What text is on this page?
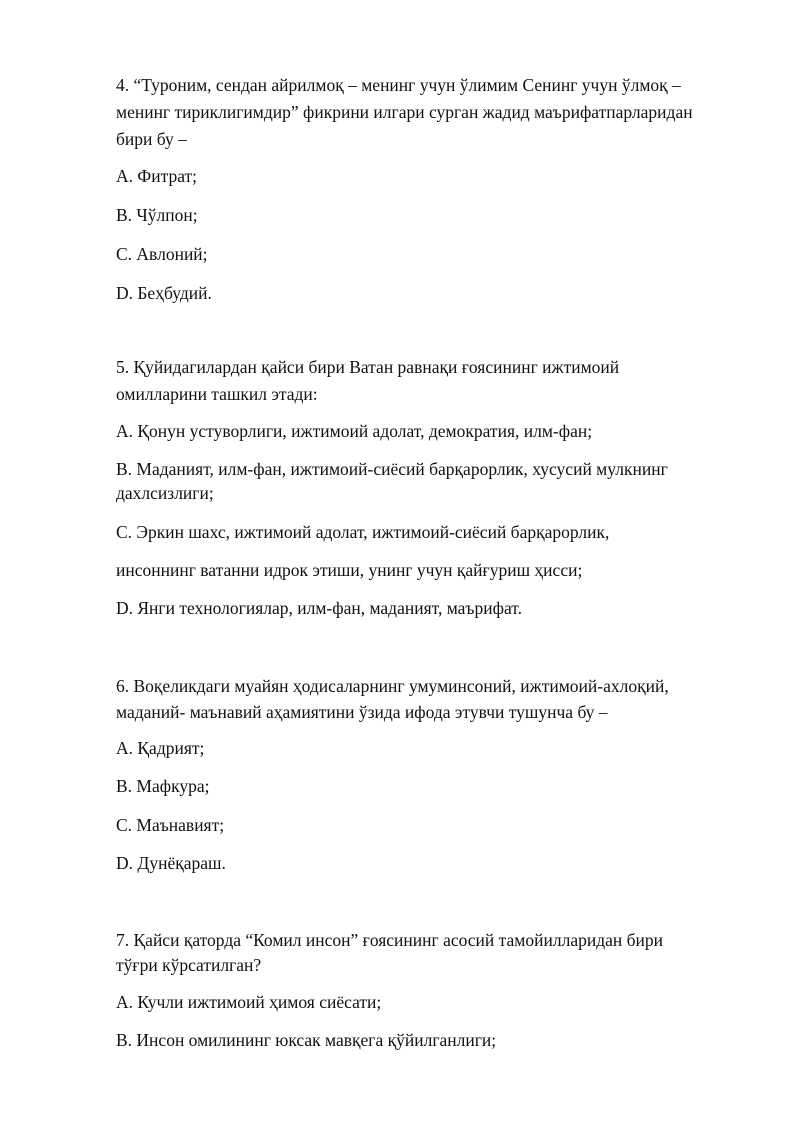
4. “Туроним, сендан айрилмоқ – менинг учун ўлимим Сенинг учун ўлмоқ –
менинг тириклигимдир” фикрини илгари сурган жадид маърифатпарларидан
бири бу –
A. Фитрат;
B. Чўлпон;
C. Авлоний;
D. Беҳбудий.
5. Қуйидагилардан қайси бири Ватан равнақи ғоясининг ижтимоий
омилларини ташкил этади:
A. Қонун устуворлиги, ижтимоий адолат, демократия, илм-фан;
B. Маданият, илм-фан, ижтимоий-сиёсий барқарорлик, хусусий мулкнинг
дахлсизлиги;
C. Эркин шахс, ижтимоий адолат, ижтимоий-сиёсий барқарорлик,
инсоннинг ватанни идрок этиши, унинг учун қайғуриш ҳисси;
D. Янги технологиялар, илм-фан, маданият, маърифат.
6. Воқеликдаги муайян ҳодисаларнинг умуминсоний, ижтимоий-ахлоқий,
маданий- маънавий аҳамиятини ўзида ифода этувчи тушунча бу –
A. Қадрият;
B. Мафкура;
C. Маънавият;
D. Дунёқараш.
7. Қайси қаторда “Комил инсон” ғоясининг асосий тамойилларидан бири
тўғри кўрсатилган?
A. Кучли ижтимоий ҳимоя сиёсати;
B. Инсон омилининг юксак мавқега қўйилганлиги;
